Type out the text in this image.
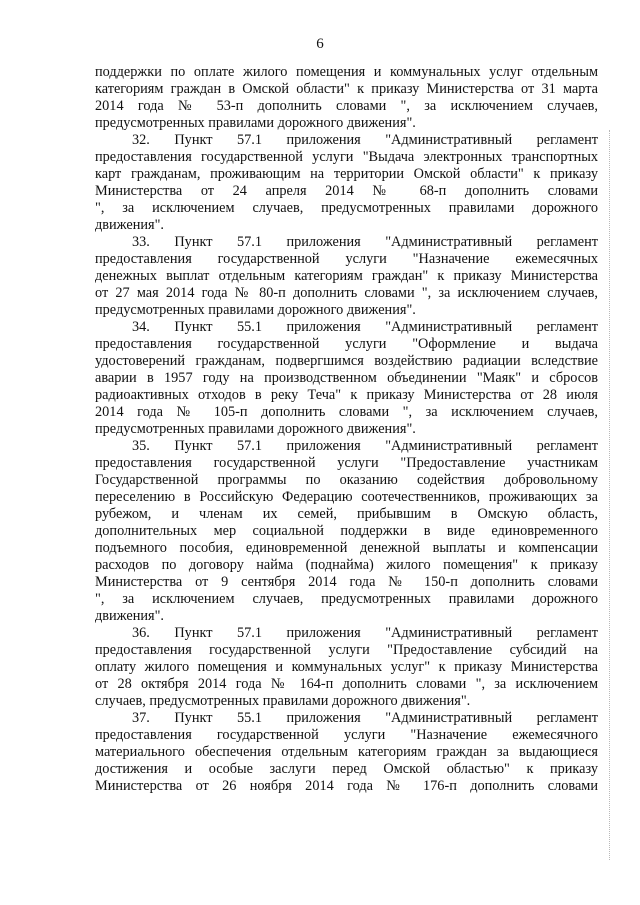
6
поддержки по оплате жилого помещения и коммунальных услуг отдельным
категориям граждан в Омской области" к приказу Министерства от 31 марта
2014 года № 53-п дополнить словами ", за исключением случаев,
предусмотренных правилами дорожного движения".
32. Пункт 57.1 приложения "Административный регламент
предоставления государственной услуги "Выдача электронных транспортных
карт гражданам, проживающим на территории Омской области" к приказу
Министерства от 24 апреля 2014 № 68-п дополнить словами
", за исключением случаев, предусмотренных правилами дорожного
движения".
33. Пункт 57.1 приложения "Административный регламент
предоставления государственной услуги "Назначение ежемесячных
денежных выплат отдельным категориям граждан" к приказу Министерства
от 27 мая 2014 года № 80-п дополнить словами ", за исключением случаев,
предусмотренных правилами дорожного движения".
34. Пункт 55.1 приложения "Административный регламент
предоставления государственной услуги "Оформление и выдача
удостоверений гражданам, подвергшимся воздействию радиации вследствие
аварии в 1957 году на производственном объединении "Маяк" и сбросов
радиоактивных отходов в реку Теча" к приказу Министерства от 28 июля
2014 года № 105-п дополнить словами ", за исключением случаев,
предусмотренных правилами дорожного движения".
35. Пункт 57.1 приложения "Административный регламент
предоставления государственной услуги "Предоставление участникам
Государственной программы по оказанию содействия добровольному
переселению в Российскую Федерацию соотечественников, проживающих за
рубежом, и членам их семей, прибывшим в Омскую область,
дополнительных мер социальной поддержки в виде единовременного
подъемного пособия, единовременной денежной выплаты и компенсации
расходов по договору найма (поднайма) жилого помещения" к приказу
Министерства от 9 сентября 2014 года № 150-п дополнить словами
", за исключением случаев, предусмотренных правилами дорожного
движения".
36. Пункт 57.1 приложения "Административный регламент
предоставления государственной услуги "Предоставление субсидий на
оплату жилого помещения и коммунальных услуг" к приказу Министерства
от 28 октября 2014 года № 164-п дополнить словами ", за исключением
случаев, предусмотренных правилами дорожного движения".
37. Пункт 55.1 приложения "Административный регламент
предоставления государственной услуги "Назначение ежемесячного
материального обеспечения отдельным категориям граждан за выдающиеся
достижения и особые заслуги перед Омской областью" к приказу
Министерства от 26 ноября 2014 года № 176-п дополнить словами
